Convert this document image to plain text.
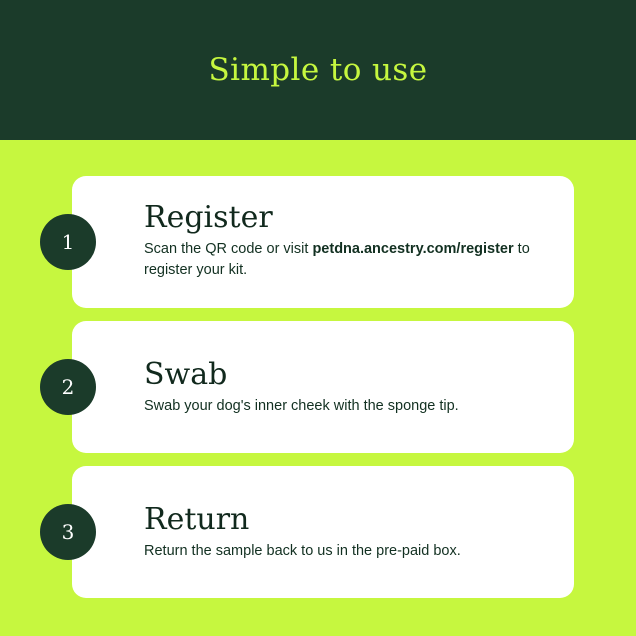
Simple to use
Register

Scan the QR code or visit petdna.ancestry.com/register to register your kit.

1
Swab

Swab your dog's inner cheek with the sponge tip.

2
Return

Return the sample back to us in the pre-paid box.

3
